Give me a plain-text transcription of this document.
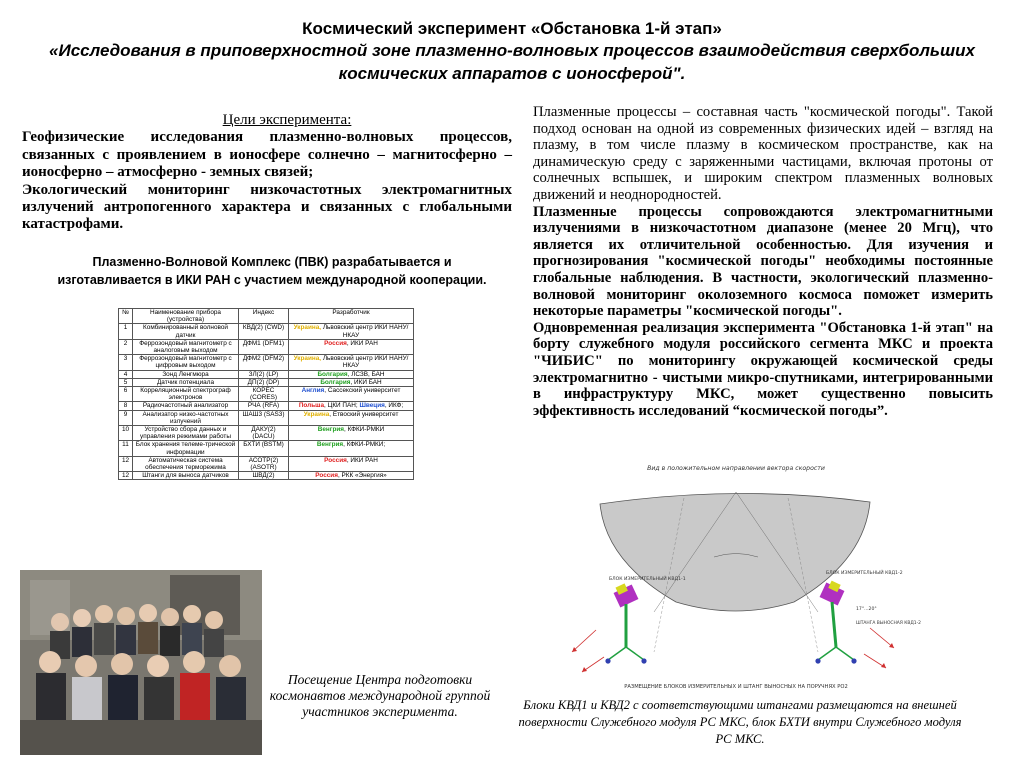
Космический эксперимент «Обстановка 1-й этап»
«Исследования в приповерхностной зоне плазменно-волновых процессов взаимодействия сверхбольших космических аппаратов с ионосферой".
Цели эксперимента:

Геофизические исследования плазменно-волновых процессов, связанных с проявлением в ионосфере солнечно – магнитосферно – ионосферно – атмосферно - земных связей;

Экологический мониторинг низкочастотных электромагнитных излучений антропогенного характера и связанных с глобальными катастрофами.

Плазменно-Волновой Комплекс (ПВК) разрабатывается и изготавливается в ИКИ РАН с участием международной кооперации.
№	Наименование прибора (устройства)	Индекс	Разработчик
1	Комбинированный волновой датчик	КВД(2) (CWD)	Украина, Львовский центр ИКИ НАНУ/НКАУ
2	Феррозондовый магнитометр с аналоговым выходом	ДФМ1 (DFM1)	Россия, ИКИ РАН
3	Феррозондовый магнитометр с цифровым выходом	ДФМ2 (DFM2)	Украина, Львовский центр ИКИ НАНУ/НКАУ
4	Зонд Ленгмюра	ЗЛ(2) (LP)	Болгария, ЛСЗВ, БАН
5	Датчик потенциала	ДП(2) (DP)	Болгария, ИКИ БАН
6	Корреляционный спектрограф электронов	КОРЕС (CORES)	Англия, Сассекский университет
8	Радиочастотный анализатор	РЧА (RFA)	Польша, ЦКИ ПАН; Швеция, ИКФ;
9	Анализатор низко-частотных излучений	ШАШ3 (SAS3)	Украина, Етвоский университет
10	Устройство сбора данных и управления режимами работы	ДАКУ(2) (DACU)	Венгрия, КФКИ-РМКИ
11	Блок хранения телеме-трической информации	БХТИ (BSTM)	Венгрия, КФКИ-РМКИ;
12	Автоматическая система обеспечения терморежима	АСОТР(2) (ASOTR)	Россия, ИКИ РАН
12	Штанги для выноса датчиков	ШВД(2)	Россия, РКК «Энергия»

Плазменные процессы – составная часть "космической погоды". Такой подход основан на одной из современных физических идей – взгляд на плазму, в том числе плазму в космическом пространстве, как на динамическую среду с заряженными частицами, включая протоны от солнечных вспышек, и широким спектром плазменных волновых движений и неоднородностей.

Плазменные процессы сопровождаются электромагнитными излучениями в низкочастотном диапазоне (менее 20 Мгц), что является их отличительной особенностью. Для изучения и прогнозирования "космической погоды" необходимы постоянные глобальные наблюдения. В частности, экологический плазменно-волновой мониторинг околоземного космоса поможет измерить некоторые параметры "космической погоды".

Одновременная реализация эксперимента "Обстановка 1-й этап" на борту служебного модуля российского сегмента МКС и проекта "ЧИБИС" по мониторингу окружающей космической среды электромагнитно - чистыми микро-спутниками, интегрированными в инфраструктуру МКС, может существенно повысить эффективность исследований “космической погоды”.

Посещение Центра подготовки космонавтов международной группой участников эксперимента.
Вид в положительном направлении вектора скорости
БЛОК ИЗМЕРИТЕЛЬНЫЙ КВД1-1
БЛОК ИЗМЕРИТЕЛЬНЫЙ КВД1-2
ШТАНГА ВЫНОСНАЯ КВД1-2
17°...20°
РАЗМЕЩЕНИЕ БЛОКОВ ИЗМЕРИТЕЛЬНЫХ И ШТАНГ ВЫНОСНЫХ НА ПОРУЧНЯХ РО2
Блоки КВД1 и КВД2 с соответствующими штангами размещаются на внешней поверхности Служебного модуля РС МКС, блок БХТИ внутри Служебного модуля РС МКС.
